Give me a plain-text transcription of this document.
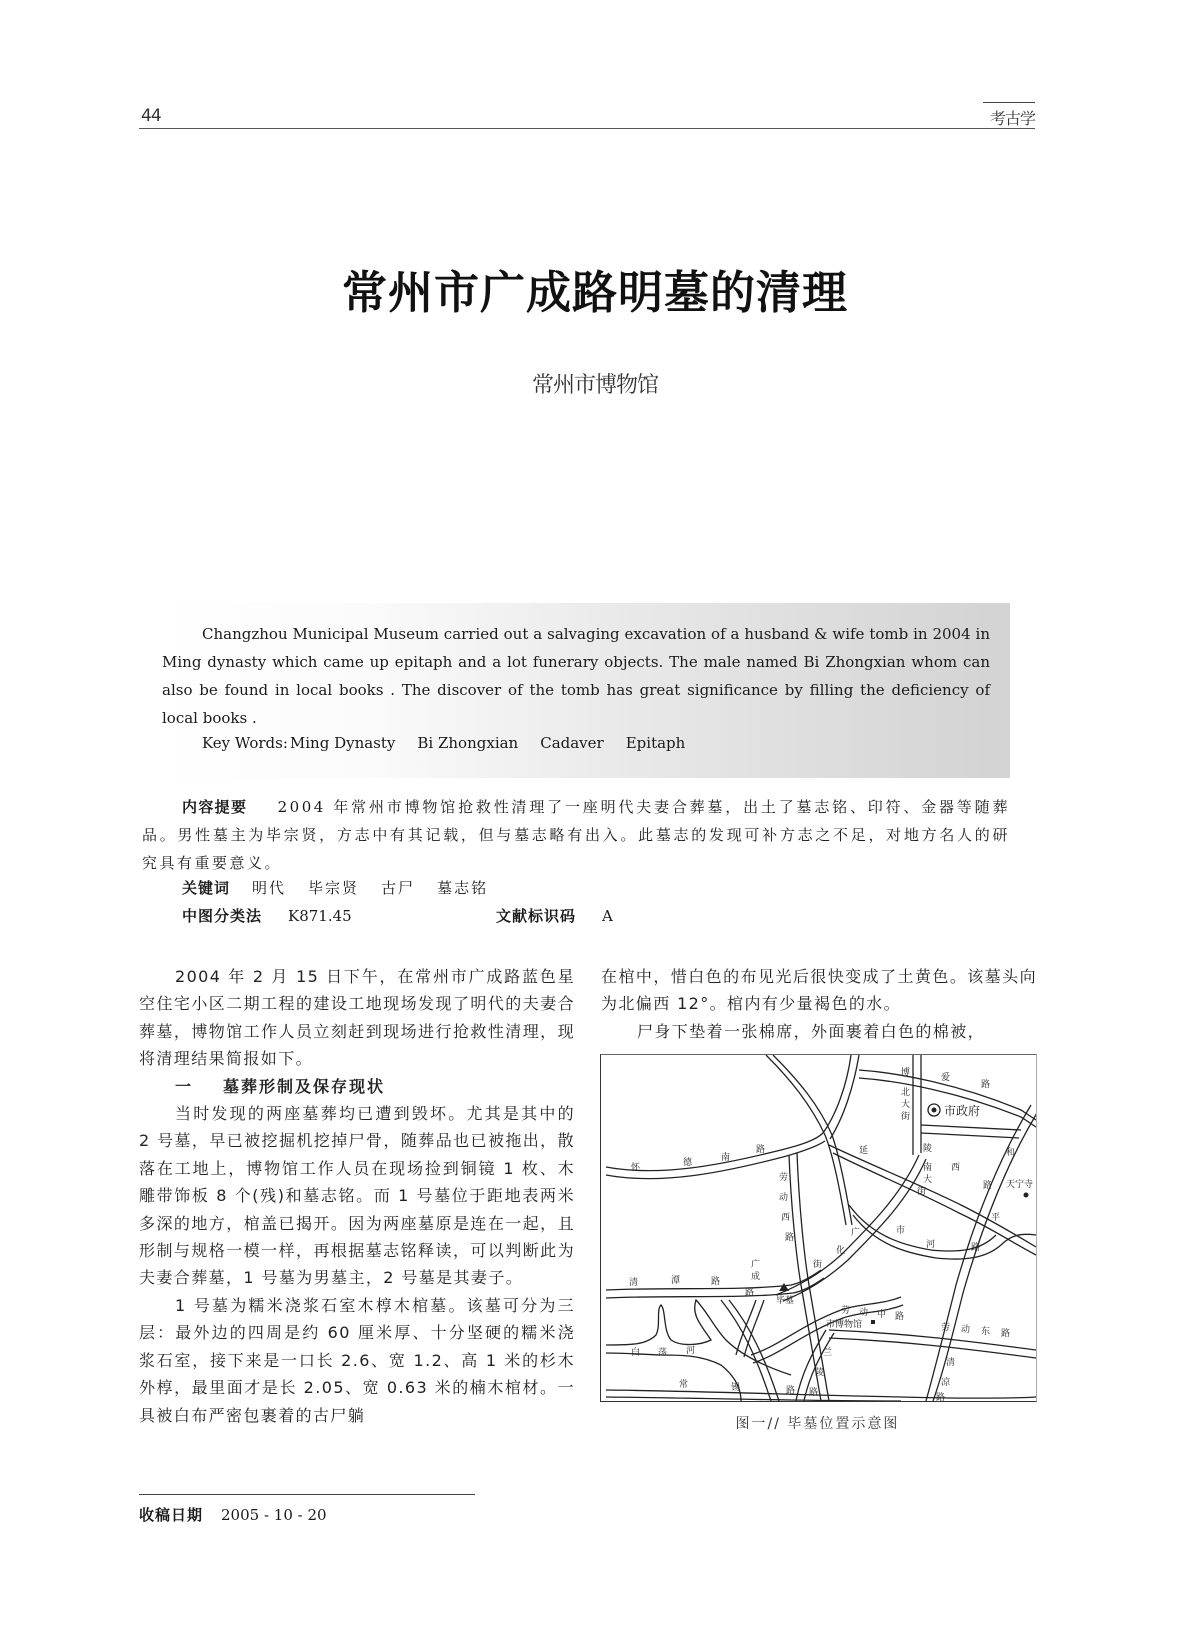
44	考古学
常州市广成路明墓的清理
常州市博物馆
Changzhou Municipal Museum carried out a salvaging excavation of a husband & wife tomb in 2004 in Ming dynasty which came up epitaph and a lot funerary objects. The male named Bi Zhongxian whom can also be found in local books . The discover of the tomb has great significance by filling the deficiency of local books .
Key Words: Ming Dynasty Bi Zhongxian Cadaver Epitaph
内容提要 2004 年常州市博物馆抢救性清理了一座明代夫妻合葬墓，出土了墓志铭、印符、金器等随葬品。男性墓主为毕宗贤，方志中有其记载，但与墓志略有出入。此墓志的发现可补方志之不足，对地方名人的研究具有重要意义。
关键词 明代 毕宗贤 古尸 墓志铭
中图分类法 K871.45	文献标识码 A

2004 年 2 月 15 日下午，在常州市广成路蓝色星空住宅小区二期工程的建设工地现场发现了明代的夫妻合葬墓，博物馆工作人员立刻赶到现场进行抢救性清理，现将清理结果简报如下。

一 墓葬形制及保存现状

当时发现的两座墓葬均已遭到毁坏。尤其是其中的 2 号墓，早已被挖掘机挖掉尸骨，随葬品也已被拖出，散落在工地上，博物馆工作人员在现场捡到铜镜 1 枚、木雕带饰板 8 个(残)和墓志铭。而 1 号墓位于距地表两米多深的地方，棺盖已揭开。因为两座墓原是连在一起，且形制与规格一模一样，再根据墓志铭释读，可以判断此为夫妻合葬墓，1 号墓为男墓主，2 号墓是其妻子。

1 号墓为糯米浇浆石室木椁木棺墓。该墓可分为三层：最外边的四周是约 60 厘米厚、十分坚硬的糯米浇浆石室，接下来是一口长 2.6、宽 1.2、高 1 米的杉木外椁，最里面才是长 2.05、宽 0.63 米的楠木棺材。一具被白布严密包裹着的古尸躺

在棺中，惜白色的布见光后很快变成了土黄色。该墓头向为北偏西 12°。棺内有少量褐色的水。

尸身下垫着一张棉席，外面裹着白色的棉被，

市政府
天宁寺
毕墓
市博物馆
博	爱
路
怀	德	南
路
北
大
街
延	陵
西
路
南
大
街
和
平
路
劳
动
西
路	广
化
街
市
河
清	潭	路
广
成
路
劳 动 中 路
劳 动 东 路
兰
陵
路
清
凉
路
白 荡 河
常	锡	路
图一// 毕墓位置示意图
收稿日期 2005 - 10 - 20
